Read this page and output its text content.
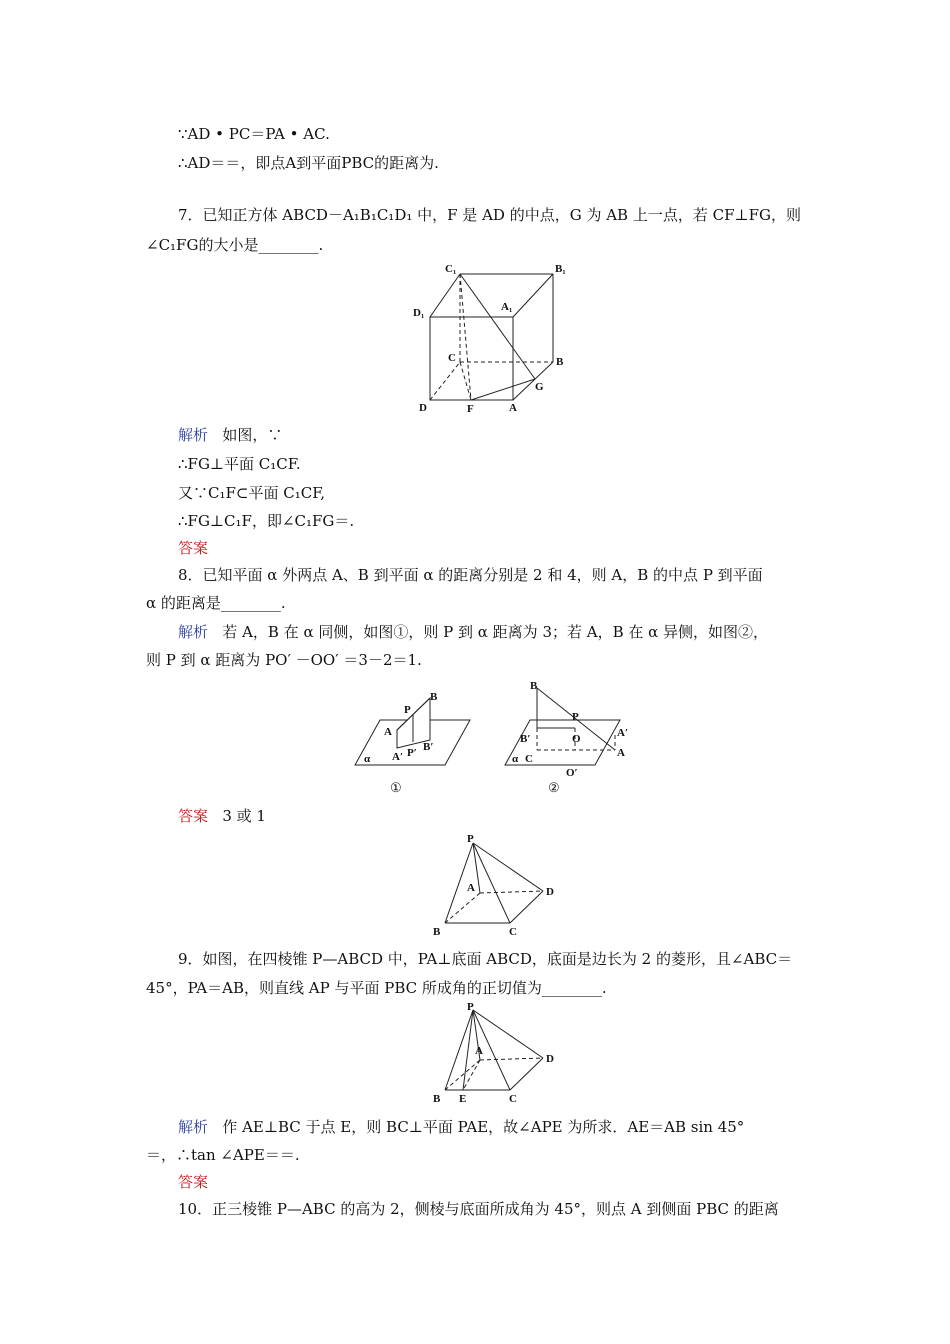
∵AD • PC＝PA • AC.
∴AD＝＝，即点A到平面PBC的距离为.
7．已知正方体 ABCD－A₁B₁C₁D₁ 中，F 是 AD 的中点，G 为 AB 上一点，若 CF⊥FG，则
∠C₁FG的大小是________.
C₁	B₁
D₁	A₁
C	B
D	F	A
G
解析 如图，∵
∴FG⊥平面 C₁CF.
又∵C₁F⊂平面 C₁CF,
∴FG⊥C₁F，即∠C₁FG＝.
答案
8．已知平面 α 外两点 A、B 到平面 α 的距离分别是 2 和 4，则 A，B 的中点 P 到平面
α 的距离是________.
解析 若 A，B 在 α 同侧，如图①，则 P 到 α 距离为 3；若 A，B 在 α 异侧，如图②，
则 P 到 α 距离为 PO′ －OO′ ＝3－2＝1.
B
P
A
A′ P′ B′
α
①
B
P
B′	O	A′
α C	A
O′
②
答案 3 或 1
P
A	D
B	C
9．如图，在四棱锥 P—ABCD 中，PA⊥底面 ABCD，底面是边长为 2 的菱形，且∠ABC＝
45°，PA＝AB，则直线 AP 与平面 PBC 所成角的正切值为________.
P
A
D
B E	C
解析 作 AE⊥BC 于点 E，则 BC⊥平面 PAE，故∠APE 为所求．AE＝AB sin 45°
＝，∴tan ∠APE＝＝.
答案
10．正三棱锥 P—ABC 的高为 2，侧棱与底面所成角为 45°，则点 A 到侧面 PBC 的距离
